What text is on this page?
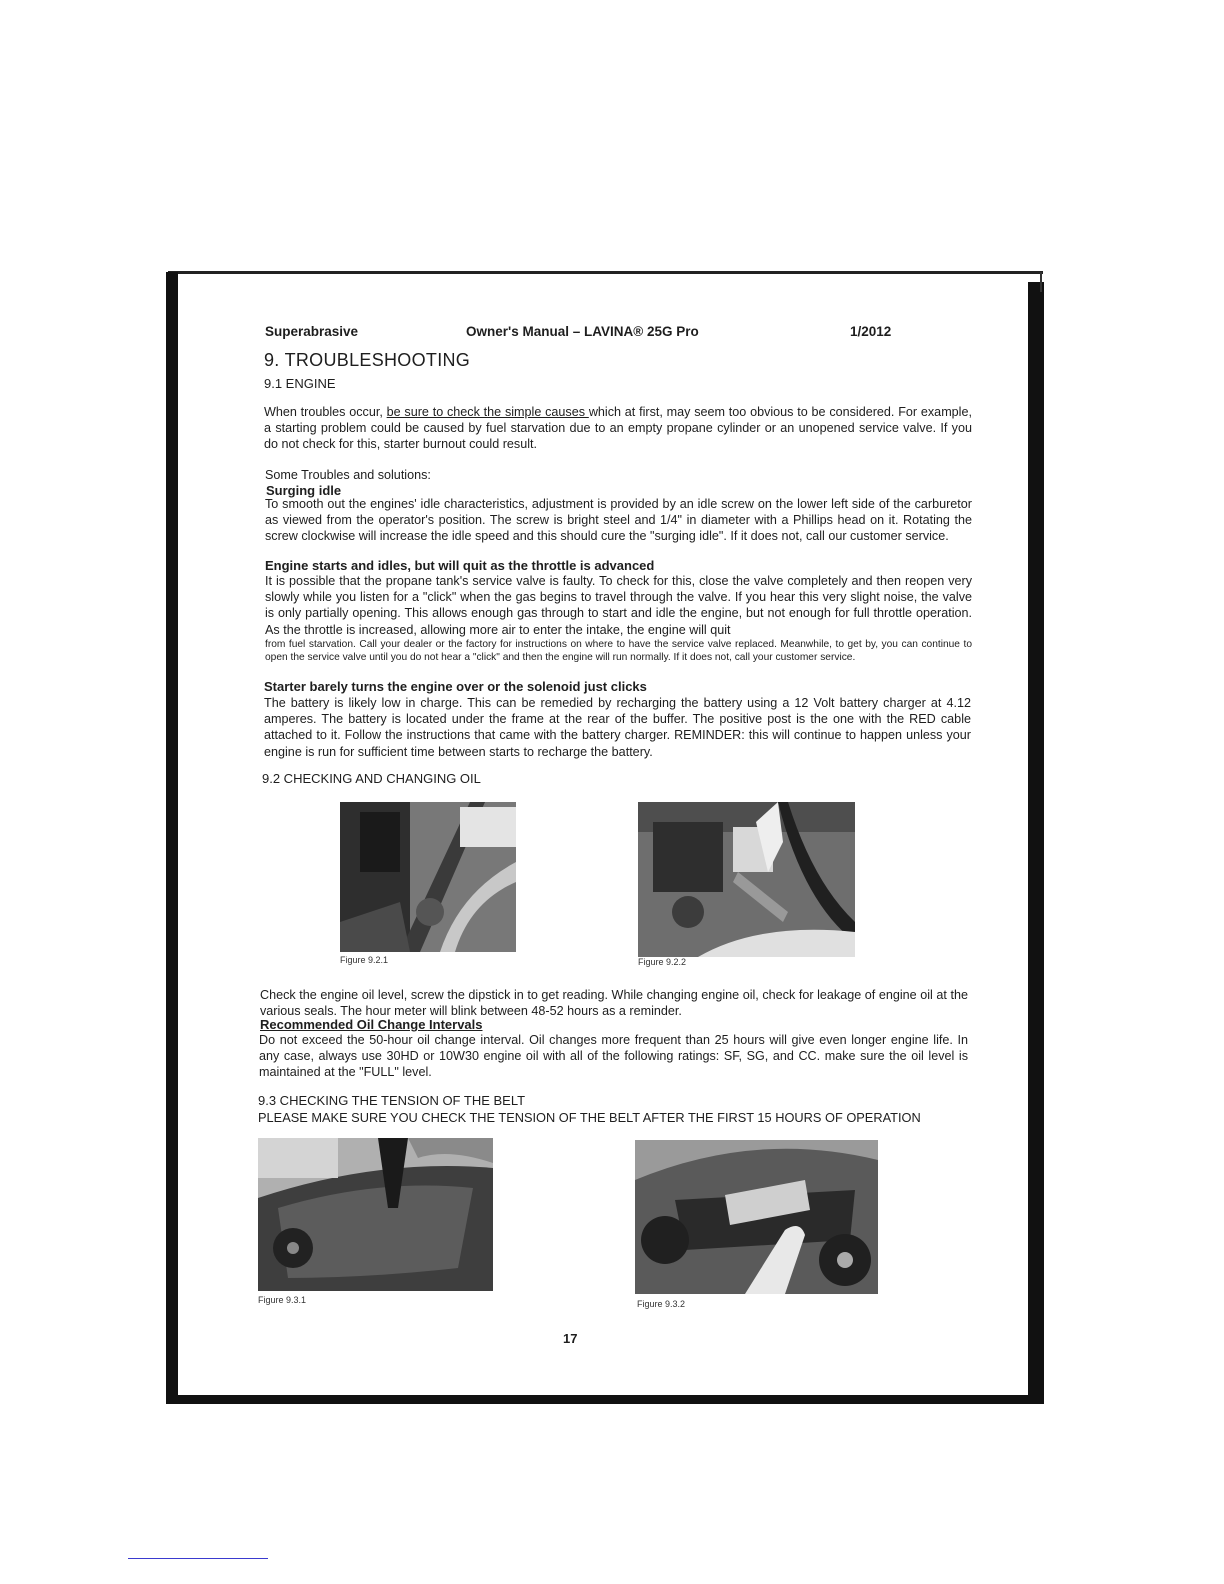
Superabrasive	Owner's Manual – LAVINA® 25G Pro	1/2012
9. TROUBLESHOOTING
9.1 ENGINE
When troubles occur, be sure to check the simple causes which at first, may seem too obvious to be considered. For example, a starting problem could be caused by fuel starvation due to an empty propane cylinder or an unopened service valve. If you do not check for this, starter burnout could result.
Some Troubles and solutions:
Surging idle
To smooth out the engines' idle characteristics, adjustment is provided by an idle screw on the lower left side of the carburetor as viewed from the operator's position. The screw is bright steel and 1/4" in diameter with a Phillips head on it. Rotating the screw clockwise will increase the idle speed and this should cure the "surging idle". If it does not, call our customer service.
Engine starts and idles, but will quit as the throttle is advanced
It is possible that the propane tank's service valve is faulty. To check for this, close the valve completely and then reopen very slowly while you listen for a "click" when the gas begins to travel through the valve. If you hear this very slight noise, the valve is only partially opening. This allows enough gas through to start and idle the engine, but not enough for full throttle operation. As the throttle is increased, allowing more air to enter the intake, the engine will quit
from fuel starvation. Call your dealer or the factory for instructions on where to have the service valve replaced. Meanwhile, to get by, you can continue to open the service valve until you do not hear a "click" and then the engine will run normally. If it does not, call your customer service.
Starter barely turns the engine over or the solenoid just clicks
The battery is likely low in charge. This can be remedied by recharging the battery using a 12 Volt battery charger at 4.12 amperes. The battery is located under the frame at the rear of the buffer. The positive post is the one with the RED cable attached to it. Follow the instructions that came with the battery charger. REMINDER: this will continue to happen unless your engine is run for sufficient time between starts to recharge the battery.
9.2 CHECKING AND CHANGING OIL
Figure 9.2.1	Figure 9.2.2
Check the engine oil level, screw the dipstick in to get reading. While changing engine oil, check for leakage of engine oil at the various seals. The hour meter will blink between 48-52 hours as a reminder.
Recommended Oil Change Intervals
Do not exceed the 50-hour oil change interval. Oil changes more frequent than 25 hours will give even longer engine life. In any case, always use 30HD or 10W30 engine oil with all of the following ratings: SF, SG, and CC. make sure the oil level is maintained at the "FULL" level.
9.3 CHECKING THE TENSION OF THE BELT
PLEASE MAKE SURE YOU CHECK THE TENSION OF THE BELT AFTER THE FIRST 15 HOURS OF OPERATION
Figure 9.3.1	Figure 9.3.2
17
